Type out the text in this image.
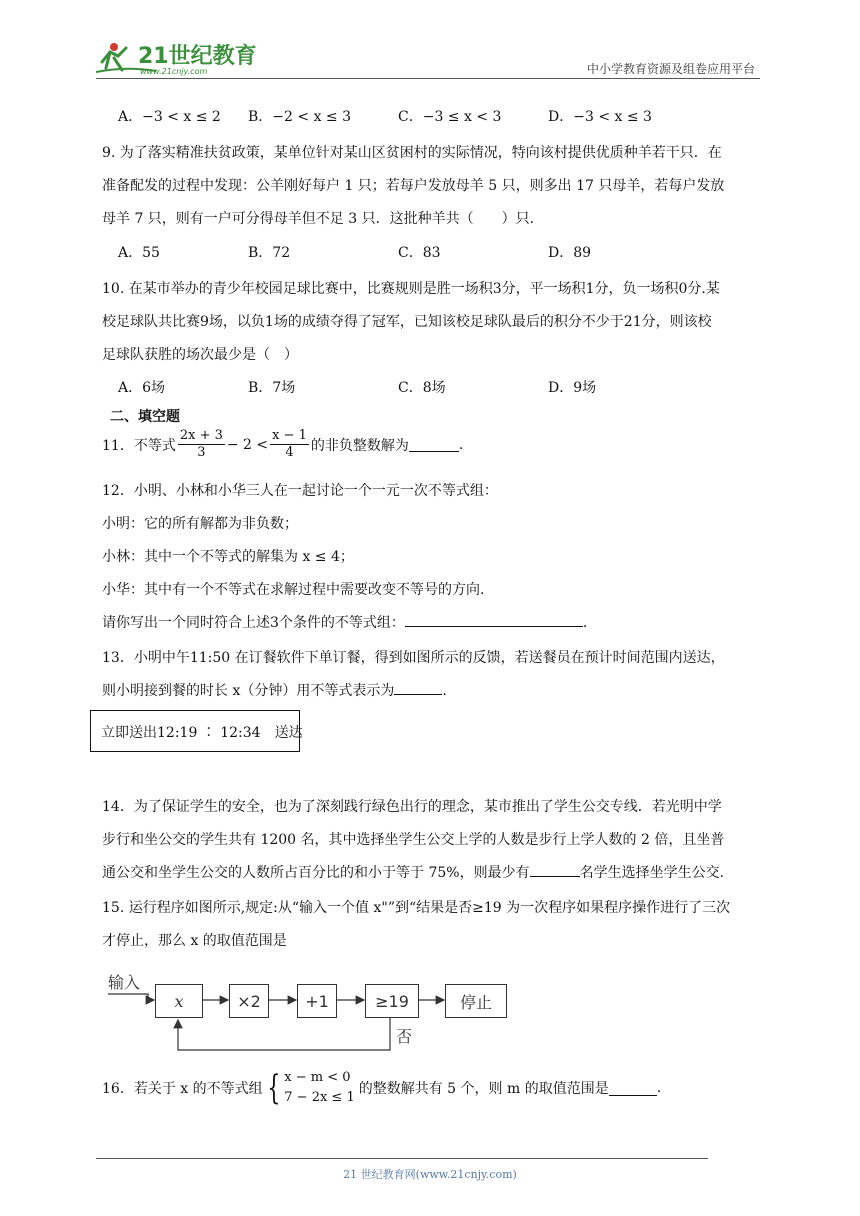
21世纪教育
www.21cnjy.com	中小学教育资源及组卷应用平台
A．−3 < x ≤ 2 B．−2 < x ≤ 3	C．−3 ≤ x < 3	D．−3 < x ≤ 3
9. 为了落实精准扶贫政策，某单位针对某山区贫困村的实际情况，特向该村提供优质种羊若干只．在
准备配发的过程中发现：公羊刚好每户 1 只；若每户发放母羊 5 只，则多出 17 只母羊，若每户发放
母羊 7 只，则有一户可分得母羊但不足 3 只．这批种羊共（　　）只．
A．55	B．72	C．83	D．89
10. 在某市举办的青少年校园足球比赛中，比赛规则是胜一场积3分，平一场积1分，负一场积0分.某
校足球队共比赛9场，以负1场的成绩夺得了冠军，已知该校足球队最后的积分不少于21分，则该校
足球队获胜的场次最少是（　）
A．6场	B．7场	C．8场	D．9场
二、填空题
11．不等式 $\frac{2x + 3}{3} - 2 < \frac{x - 1}{4}$ 的非负整数解为	.
12．小明、小林和小华三人在一起讨论一个一元一次不等式组：
小明：它的所有解都为非负数；
小林：其中一个不等式的解集为 x ≤ 4；
小华：其中有一个不等式在求解过程中需要改变不等号的方向.
请你写出一个同时符合上述3个条件的不等式组：	.
13．小明中午11:50 在订餐软件下单订餐，得到如图所示的反馈，若送餐员在预计时间范围内送达，
则小明接到餐的时长 x（分钟）用不等式表示为	.
立即送出12:19 ∶ 12:34　送达
14．为了保证学生的安全，也为了深刻践行绿色出行的理念，某市推出了学生公交专线．若光明中学
步行和坐公交的学生共有 1200 名，其中选择坐学生公交上学的人数是步行上学人数的 2 倍，且坐普
通公交和坐学生公交的人数所占百分比的和小于等于 75%，则最少有	名学生选择坐学生公交.
15. 运行程序如图所示,规定:从“输入一个值 x"”到“结果是否≥19 为一次程序如果程序操作进行了三次
才停止，那么 x 的取值范围是
输入
x	×2	+1	≥19	停止
否
16．若关于 x 的不等式组 { x − m < 0
7 − 2x ≤ 1
的整数解共有 5 个，则 m 的取值范围是	.
21 世纪教育网(www.21cnjy.com)
